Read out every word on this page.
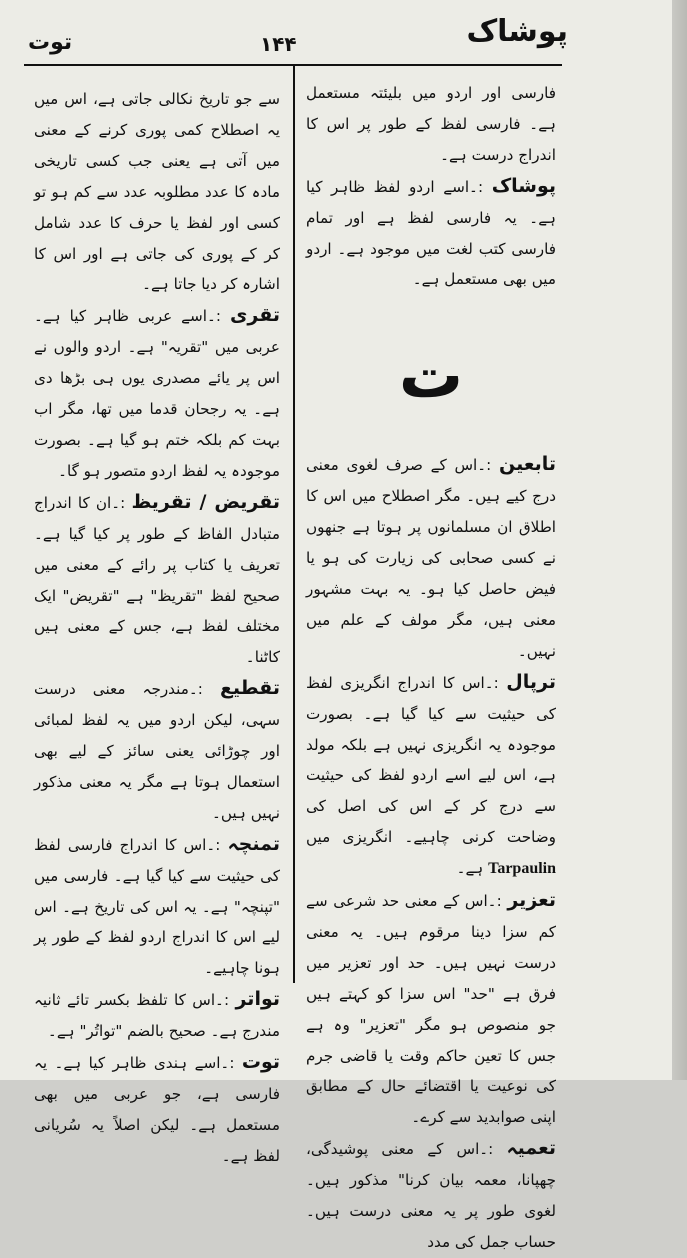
توت	۱۴۴	پوشاک

فارسی اور اردو میں بلیئتہ مستعمل ہے۔ فارسی لفظ کے طور پر اس کا اندراج درست ہے۔

پوشاک :۔اسے اردو لفظ ظاہر کیا ہے۔ یہ فارسی لفظ ہے اور تمام فارسی کتب لغت میں موجود ہے۔ اردو میں بھی مستعمل ہے۔

ت

تابعین :۔اس کے صرف لغوی معنی درج کیے ہیں۔ مگر اصطلاح میں اس کا اطلاق ان مسلمانوں پر ہوتا ہے جنھوں نے کسی صحابی کی زیارت کی ہو یا فیض حاصل کیا ہو۔ یہ بہت مشہور معنی ہیں، مگر مولف کے علم میں نہیں۔

ترپال :۔اس کا اندراج انگریزی لفظ کی حیثیت سے کیا گیا ہے۔ بصورت موجودہ یہ انگریزی نہیں ہے بلکہ مولد ہے، اس لیے اسے اردو لفظ کی حیثیت سے درج کر کے اس کی اصل کی وضاحت کرنی چاہیے۔ انگریزی میں Tarpaulin ہے۔

تعزیر :۔اس کے معنی حد شرعی سے کم سزا دینا مرقوم ہیں۔ یہ معنی درست نہیں ہیں۔ حد اور تعزیر میں فرق ہے "حد" اس سزا کو کہتے ہیں جو منصوص ہو مگر "تعزیر" وہ ہے جس کا تعین حاکم وقت یا قاضی جرم کی نوعیت یا اقتضائے حال کے مطابق اپنی صوابدید سے کرے۔

تعمیہ :۔اس کے معنی پوشیدگی، چھپانا، معمہ بیان کرنا" مذکور ہیں۔ لغوی طور پر یہ معنی درست ہیں۔ حساب جمل کی مدد

سے جو تاریخ نکالی جاتی ہے، اس میں یہ اصطلاح کمی پوری کرنے کے معنی میں آتی ہے یعنی جب کسی تاریخی مادہ کا عدد مطلوبہ عدد سے کم ہو تو کسی اور لفظ یا حرف کا عدد شامل کر کے پوری کی جاتی ہے اور اس کا اشارہ کر دیا جاتا ہے۔

تقری :۔اسے عربی ظاہر کیا ہے۔ عربی میں "تقریہ" ہے۔ اردو والوں نے اس پر یائے مصدری یوں ہی بڑھا دی ہے۔ یہ رجحان قدما میں تھا، مگر اب بہت کم بلکہ ختم ہو گیا ہے۔ بصورت موجودہ یہ لفظ اردو متصور ہو گا۔

تقریض / تقریظ :۔ان کا اندراج متبادل الفاظ کے طور پر کیا گیا ہے۔ تعریف یا کتاب پر رائے کے معنی میں صحیح لفظ "تقریظ" ہے "تقریض" ایک مختلف لفظ ہے، جس کے معنی ہیں کاٹنا۔

تقطیع :۔مندرجہ معنی درست سہی، لیکن اردو میں یہ لفظ لمبائی اور چوڑائی یعنی سائز کے لیے بھی استعمال ہوتا ہے مگر یہ معنی مذکور نہیں ہیں۔

تمنچہ :۔اس کا اندراج فارسی لفظ کی حیثیت سے کیا گیا ہے۔ فارسی میں "تپنچہ" ہے۔ یہ اس کی تاریخ ہے۔ اس لیے اس کا اندراج اردو لفظ کے طور پر ہونا چاہیے۔

تواتر :۔اس کا تلفظ بکسر تائے ثانیہ مندرج ہے۔ صحیح بالضم "تواتُر" ہے۔

توت :۔اسے ہندی ظاہر کیا ہے۔ یہ فارسی ہے، جو عربی میں بھی مستعمل ہے۔ لیکن اصلاً یہ سُریانی لفظ ہے۔
